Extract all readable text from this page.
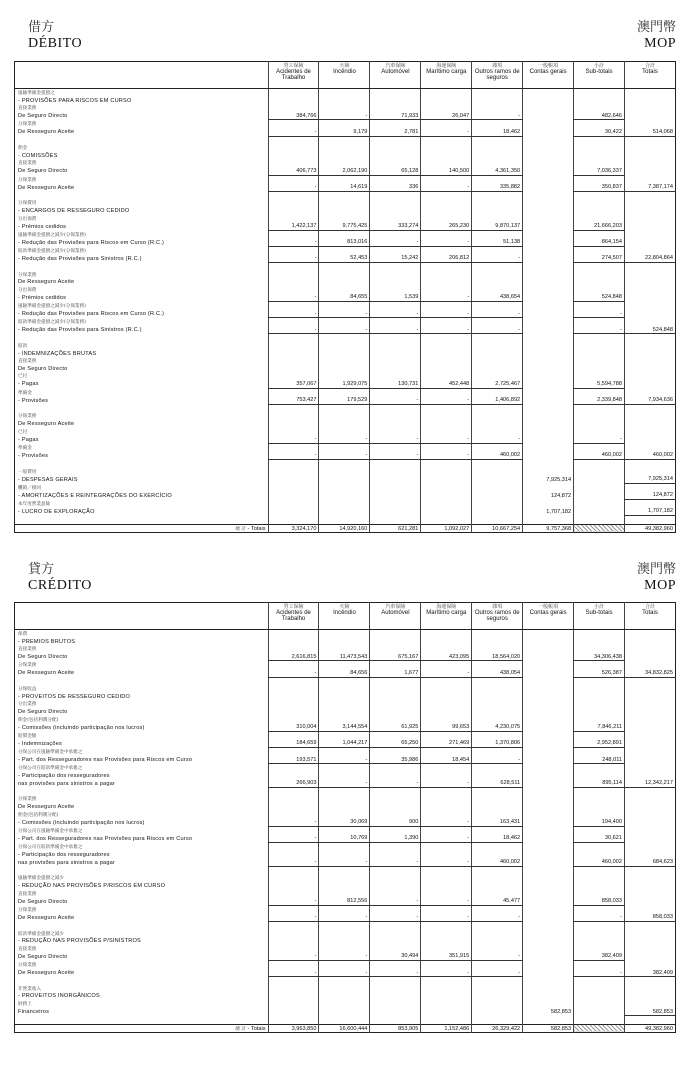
借方
DÉBITO
澳門幣
MOP

	勞工保險
Acidentes de Trabalho	火險
Incêndio	汽車保險
Automóvel	海運保險
Marítimo carga	雜項
Outros ramos de seguros	一般帳項
Contas gerais	小計
Sub-totais	合計
Totais
風險準備金提撥之								
- PROVISÕES PARA RISCOS EM CURSO								
直接業務								
De Seguro Directo	384,766	-	71,933	26,047	-		482,646	
分保業務								
De Resseguro Aceite	-	9,179	2,781	-	18,462		30,422	514,068

佣金								
- COMISSÕES								
直接業務								
De Seguro Directo	406,773	2,062,190	65,128	140,500	4,361,350		7,036,337	
分保業務								
De Resseguro Aceite	-	14,619	336	-	335,882		350,837	7,387,174

分保費用								
- ENCARGOS DE RESSEGURO CEDIDO								
分出保費								
- Prémios cedidos	1,422,137	9,775,425	333,274	265,230	9,870,137		21,666,203	
風險準備金提撥之減少(分保業務)								
- Redução das Provisões para Riscos em Curso (R.C.)	-	813,016	-	-	51,138		864,154	
賠款準備金提撥之減少(分保業務)								
- Redução das Provisões para Sinistros (R.C.)	-	52,453	15,242	206,812	-		274,507	22,804,864

分保業務								
De Resseguro Aceite								
分出保費								
- Prémios cedidos	-	84,655	1,539	-	438,654		524,848	
風險準備金提撥之減少(分保業務)								
- Redução das Provisões para Riscos em Curso (R.C.)	-	-	-	-	-		-	
賠款準備金提撥之減少(分保業務)								
- Redução das Provisões para Sinistros (R.C.)	-	-	-	-	-		-	524,848

賠款								
- INDEMNIZAÇÕES BRUTAS								
直接業務								
De Seguro Directo								
已付								
- Pagas	357,067	1,929,075	130,731	452,448	2,725,467		5,594,788	
準備金								
- Provisões	753,427	179,529	-	-	1,406,892		2,339,848	7,934,636

分保業務								
De Resseguro Aceite								
已付								
- Pagas	-	-	-	-	-		-	
準備金								
- Provisões	-	-	-	-	460,002		460,002	460,002

一般費用								
- DESPESAS GERAIS						7,925,314		7,925,314
攤銷／撥回								
- AMORTIZAÇÕES E REINTEGRAÇÕES DO EXERCÍCIO						124,872		124,872
本年度營業盈餘								
- LUCRO DE EXPLORAÇÃO						1,707,182		1,707,182

總 計 - Totais	3,324,170	14,920,160	621,281	1,092,027	10,667,254	9,757,368		49,382,960
貸方
CRÉDITO
澳門幣
MOP

	勞工保險
Acidentes de Trabalho	火險
Incêndio	汽車保險
Automóvel	海運保險
Marítimo carga	雜項
Outros ramos de seguros	一般帳項
Contas gerais	小計
Sub-totais	合計
Totais
保費								
- PREMIOS BRUTOS								
直接業務								
De Seguro Directo	2,616,815	11,473,543	675,167	423,095	18,564,020		34,306,438	
分保業務								
De Resseguro Aceite	-	84,656	1,677	-	438,054		526,387	34,832,825

分保收益								
- PROVEITOS DE RESSEGURO CEDIDO								
分出業務								
De Seguro Directo								
佣金(包括利潤分配)								
- Comissões (incluindo participação nos lucros)	310,004	3,144,554	61,925	99,653	4,230,075		7,846,211	
賠償金額								
- Indemnizações	184,659	1,044,217	65,250	271,469	1,370,806		2,952,891	
分保公司在風險準備金中承擔之								
- Part. dos Resseguradores nas Provisões para Riscos em Curso	193,571	-	35,986	18,454	-		248,011	
分保公司在賠款準備金中承擔之								
- Participação dos resseguradores								
nas provisões para sinistros a pagar	266,903	-	-	-	628,511		895,114	12,342,217

分保業務								
De Resseguro Aceite								
佣金(包括利潤分配)								
- Comissões (incluindo participação nos lucros)	-	30,069	900	-	163,431		194,400	
分保公司在風險準備金中承擔之								
- Part. dos Resseguradores nas Provisões para Riscos em Curso	-	10,769	1,390	-	18,462		30,621	
分保公司在賠款準備金中承擔之								
- Participação dos resseguradores								
nas provisões para sinistros a pagar	-	-	-	-	460,002		460,002	684,623

風險準備金提撥之減少								
- REDUÇÃO NAS PROVISÕES P/RISCOS EM CURSO								
直接業務								
De Seguro Directo	-	812,556	-	-	45,477		858,033	
分保業務								
De Resseguro Aceite	-	-	-	-	-		-	858,033

賠款準備金提撥之減少								
- REDUÇÃO NAS PROVISÕES P/SINISTROS								
直接業務								
De Seguro Directo	-	-	30,494	351,915	-		382,409	
分保業務								
De Resseguro Aceite	-	-	-	-	-		-	382,409

非營業收入								
- PROVEITOS INORGÂNICOS								
財務上								
Financeiros						582,853		582,853

總 計 - Totais	3,963,850	16,600,444	853,905	1,152,486	26,329,422	582,853		49,382,960
